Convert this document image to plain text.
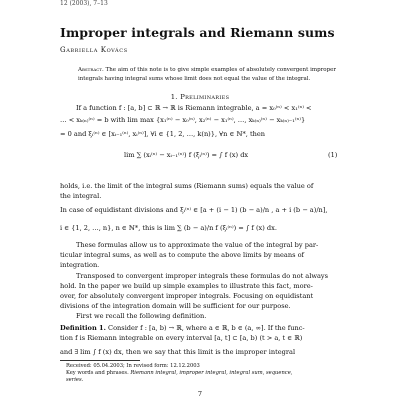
12 (2003), 7–13
Improper integrals and Riemann sums
Gabriella Kovács
Abstract. The aim of this note is to give simple examples of absolutely convergent improper integrals having integral sums whose limit does not equal the value of the integral.
1. Preliminaries
If a function f : [a, b] ⊂ ℝ → ℝ is Riemann integrable, a = x₀⁽ⁿ⁾ < x₁⁽ⁿ⁾ <
… < xₖ₍ₙ₎⁽ⁿ⁾ = b with lim max {x₁⁽ⁿ⁾ − x₀⁽ⁿ⁾, x₂⁽ⁿ⁾ − x₁⁽ⁿ⁾, …, xₖ₍ₙ₎⁽ⁿ⁾ − xₖ₍ₙ₎₋₁⁽ⁿ⁾}
= 0 and ξᵢ⁽ⁿ⁾ ∈ [xᵢ₋₁⁽ⁿ⁾, xᵢ⁽ⁿ⁾], ∀i ∈ {1, 2, …, k(n)}, ∀n ∈ ℕ*, then
lim ∑ (xᵢ⁽ⁿ⁾ − xᵢ₋₁⁽ⁿ⁾) f (ξᵢ⁽ⁿ⁾) = ∫ f (x) dx	(1)
holds, i.e. the limit of the integral sums (Riemann sums) equals the value of
the integral.
In case of equidistant divisions and ξᵢ⁽ⁿ⁾ ∈ [a + (i − 1) (b − a)/n , a + i (b − a)/n],
i ∈ {1, 2, …, n}, n ∈ ℕ*, this is lim ∑ (b − a)/n f (ξᵢ⁽ⁿ⁾) = ∫ f (x) dx.
These formulas allow us to approximate the value of the integral by par-
ticular integral sums, as well as to compute the above limits by means of
integration.
Transposed to convergent improper integrals these formulas do not always
hold. In the paper we build up simple examples to illustrate this fact, more-
over, for absolutely convergent improper integrals. Focusing on equidistant
divisions of the integration domain will be sufficient for our purpose.
First we recall the following definition.
Definition 1. Consider f : [a, b) → ℝ, where a ∈ ℝ, b ∈ (a, ∞]. If the func-
tion f is Riemann integrable on every interval [a, t] ⊂ [a, b) (t > a, t ∈ ℝ)
and ∃ lim ∫ f (x) dx, then we say that this limit is the improper integral
Received: 05.04.2003; In revised form: 12.12.2003
Key words and phrases. Riemann integral, improper integral, integral sum, sequence,
series.
7
